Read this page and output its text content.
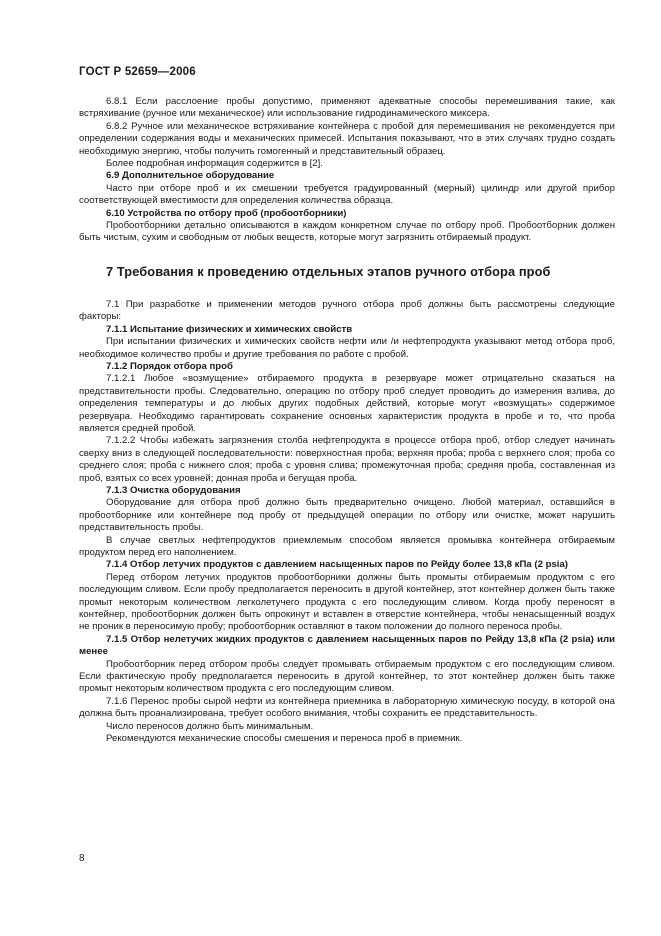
ГОСТ Р 52659—2006

6.8.1 Если расслоение пробы допустимо, применяют адекватные способы перемешивания такие, как встряхивание (ручное или механическое) или использование гидродинамического миксера.

6.8.2 Ручное или механическое встряхивание контейнера с пробой для перемешивания не рекомендуется при определении содержания воды и механических примесей. Испытания показывают, что в этих случаях трудно создать необходимую энергию, чтобы получить гомогенный и представительный образец.

Более подробная информация содержится в [2].

6.9 Дополнительное оборудование

Часто при отборе проб и их смешении требуется градуированный (мерный) цилиндр или другой прибор соответствующей вместимости для определения количества образца.

6.10 Устройства по отбору проб (пробоотборники)

Пробоотборники детально описываются в каждом конкретном случае по отбору проб. Пробоотборник должен быть чистым, сухим и свободным от любых веществ, которые могут загрязнить отбираемый продукт.

7 Требования к проведению отдельных этапов ручного отбора проб

7.1 При разработке и применении методов ручного отбора проб должны быть рассмотрены следующие факторы:

7.1.1 Испытание физических и химических свойств

При испытании физических и химических свойств нефти или /и нефтепродукта указывают метод отбора проб, необходимое количество пробы и другие требования по работе с пробой.

7.1.2 Порядок отбора проб

7.1.2.1 Любое «возмущение» отбираемого продукта в резервуаре может отрицательно сказаться на представительности пробы. Следовательно, операцию по отбору проб следует проводить до измерения взлива, до определения температуры и до любых других подобных действий, которые могут «возмущать» содержимое резервуара. Необходимо гарантировать сохранение основных характеристик продукта в пробе и то, что проба является средней пробой.

7.1.2.2 Чтобы избежать загрязнения столба нефтепродукта в процессе отбора проб, отбор следует начинать сверху вниз в следующей последовательности: поверхностная проба; верхняя проба; проба с верхнего слоя; проба со среднего слоя; проба с нижнего слоя; проба с уровня слива; промежуточная проба; средняя проба, составленная из проб, взятых со всех уровней; донная проба и бегущая проба.

7.1.3 Очистка оборудования

Оборудование для отбора проб должно быть предварительно очищено. Любой материал, оставшийся в пробоотборнике или контейнере под пробу от предыдущей операции по отбору или очистке, может нарушить представительность пробы.

В случае светлых нефтепродуктов приемлемым способом является промывка контейнера отбираемым продуктом перед его наполнением.

7.1.4 Отбор летучих продуктов с давлением насыщенных паров по Рейду более 13,8 кПа (2 psia)

Перед отбором летучих продуктов пробоотборники должны быть промыты отбираемым продуктом с его последующим сливом. Если пробу предполагается переносить в другой контейнер, этот контейнер должен быть также промыт некоторым количеством легколетучего продукта с его последующим сливом. Когда пробу переносят в контейнер, пробоотборник должен быть опрокинут и вставлен в отверстие контейнера, чтобы ненасыщенный воздух не проник в переносимую пробу; пробоотборник оставляют в таком положении до полного переноса пробы.

7.1.5 Отбор нелетучих жидких продуктов с давлением насыщенных паров по Рейду 13,8 кПа (2 psia) или менее

Пробоотборник перед отбором пробы следует промывать отбираемым продуктом с его последующим сливом. Если фактическую пробу предполагается переносить в другой контейнер, то этот контейнер должен быть также промыт некоторым количеством продукта с его последующим сливом.

7.1.6 Перенос пробы сырой нефти из контейнера приемника в лабораторную химическую посуду, в которой она должна быть проанализирована, требует особого внимания, чтобы сохранить ее представительность.

Число переносов должно быть минимальным.

Рекомендуются механические способы смешения и переноса проб в приемник.

8
